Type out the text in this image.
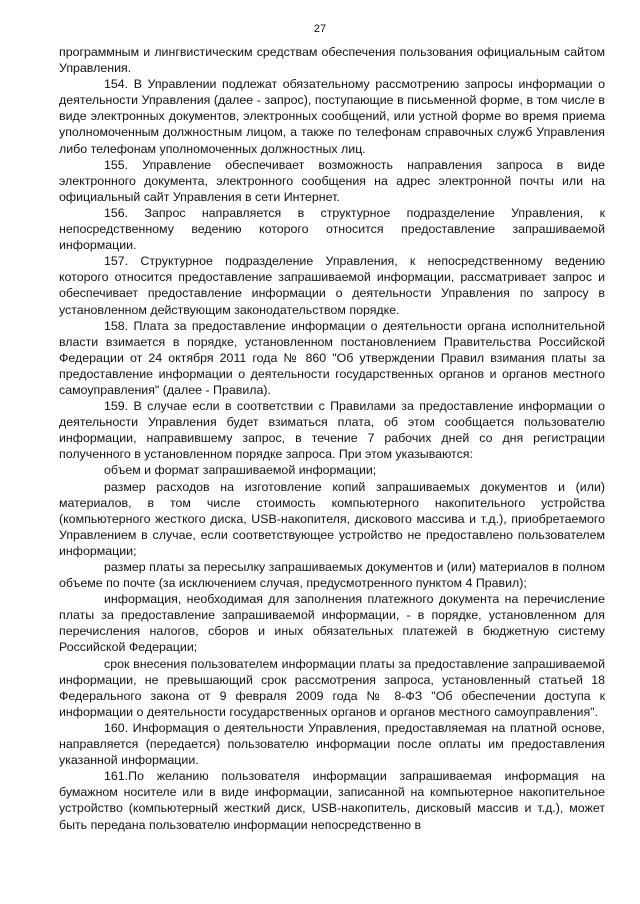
27

программным и лингвистическим средствам обеспечения пользования официальным сайтом Управления.

154. В Управлении подлежат обязательному рассмотрению запросы информации о деятельности Управления (далее - запрос), поступающие в письменной форме, в том числе в виде электронных документов, электронных сообщений, или устной форме во время приема уполномоченным должностным лицом, а также по телефонам справочных служб Управления либо телефонам уполномоченных должностных лиц.

155. Управление обеспечивает возможность направления запроса в виде электронного документа, электронного сообщения на адрес электронной почты или на официальный сайт Управления в сети Интернет.

156. Запрос направляется в структурное подразделение Управления, к непосредственному ведению которого относится предоставление запрашиваемой информации.

157. Структурное подразделение Управления, к непосредственному ведению которого относится предоставление запрашиваемой информации, рассматривает запрос и обеспечивает предоставление информации о деятельности Управления по запросу в установленном действующим законодательством порядке.

158. Плата за предоставление информации о деятельности органа исполнительной власти взимается в порядке, установленном постановлением Правительства Российской Федерации от 24 октября 2011 года № 860 "Об утверждении Правил взимания платы за предоставление информации о деятельности государственных органов и органов местного самоуправления" (далее - Правила).

159. В случае если в соответствии с Правилами за предоставление информации о деятельности Управления будет взиматься плата, об этом сообщается пользователю информации, направившему запрос, в течение 7 рабочих дней со дня регистрации полученного в установленном порядке запроса. При этом указываются:

объем и формат запрашиваемой информации;

размер расходов на изготовление копий запрашиваемых документов и (или) материалов, в том числе стоимость компьютерного накопительного устройства (компьютерного жесткого диска, USB-накопителя, дискового массива и т.д.), приобретаемого Управлением в случае, если соответствующее устройство не предоставлено пользователем информации;

размер платы за пересылку запрашиваемых документов и (или) материалов в полном объеме по почте (за исключением случая, предусмотренного пунктом 4 Правил);

информация, необходимая для заполнения платежного документа на перечисление платы за предоставление запрашиваемой информации, - в порядке, установленном для перечисления налогов, сборов и иных обязательных платежей в бюджетную систему Российской Федерации;

срок внесения пользователем информации платы за предоставление запрашиваемой информации, не превышающий срок рассмотрения запроса, установленный статьей 18 Федерального закона от 9 февраля 2009 года № 8-ФЗ "Об обеспечении доступа к информации о деятельности государственных органов и органов местного самоуправления".

160. Информация о деятельности Управления, предоставляемая на платной основе, направляется (передается) пользователю информации после оплаты им предоставления указанной информации.

161.По желанию пользователя информации запрашиваемая информация на бумажном носителе или в виде информации, записанной на компьютерное накопительное устройство (компьютерный жесткий диск, USB-накопитель, дисковый массив и т.д.), может быть передана пользователю информации непосредственно в
